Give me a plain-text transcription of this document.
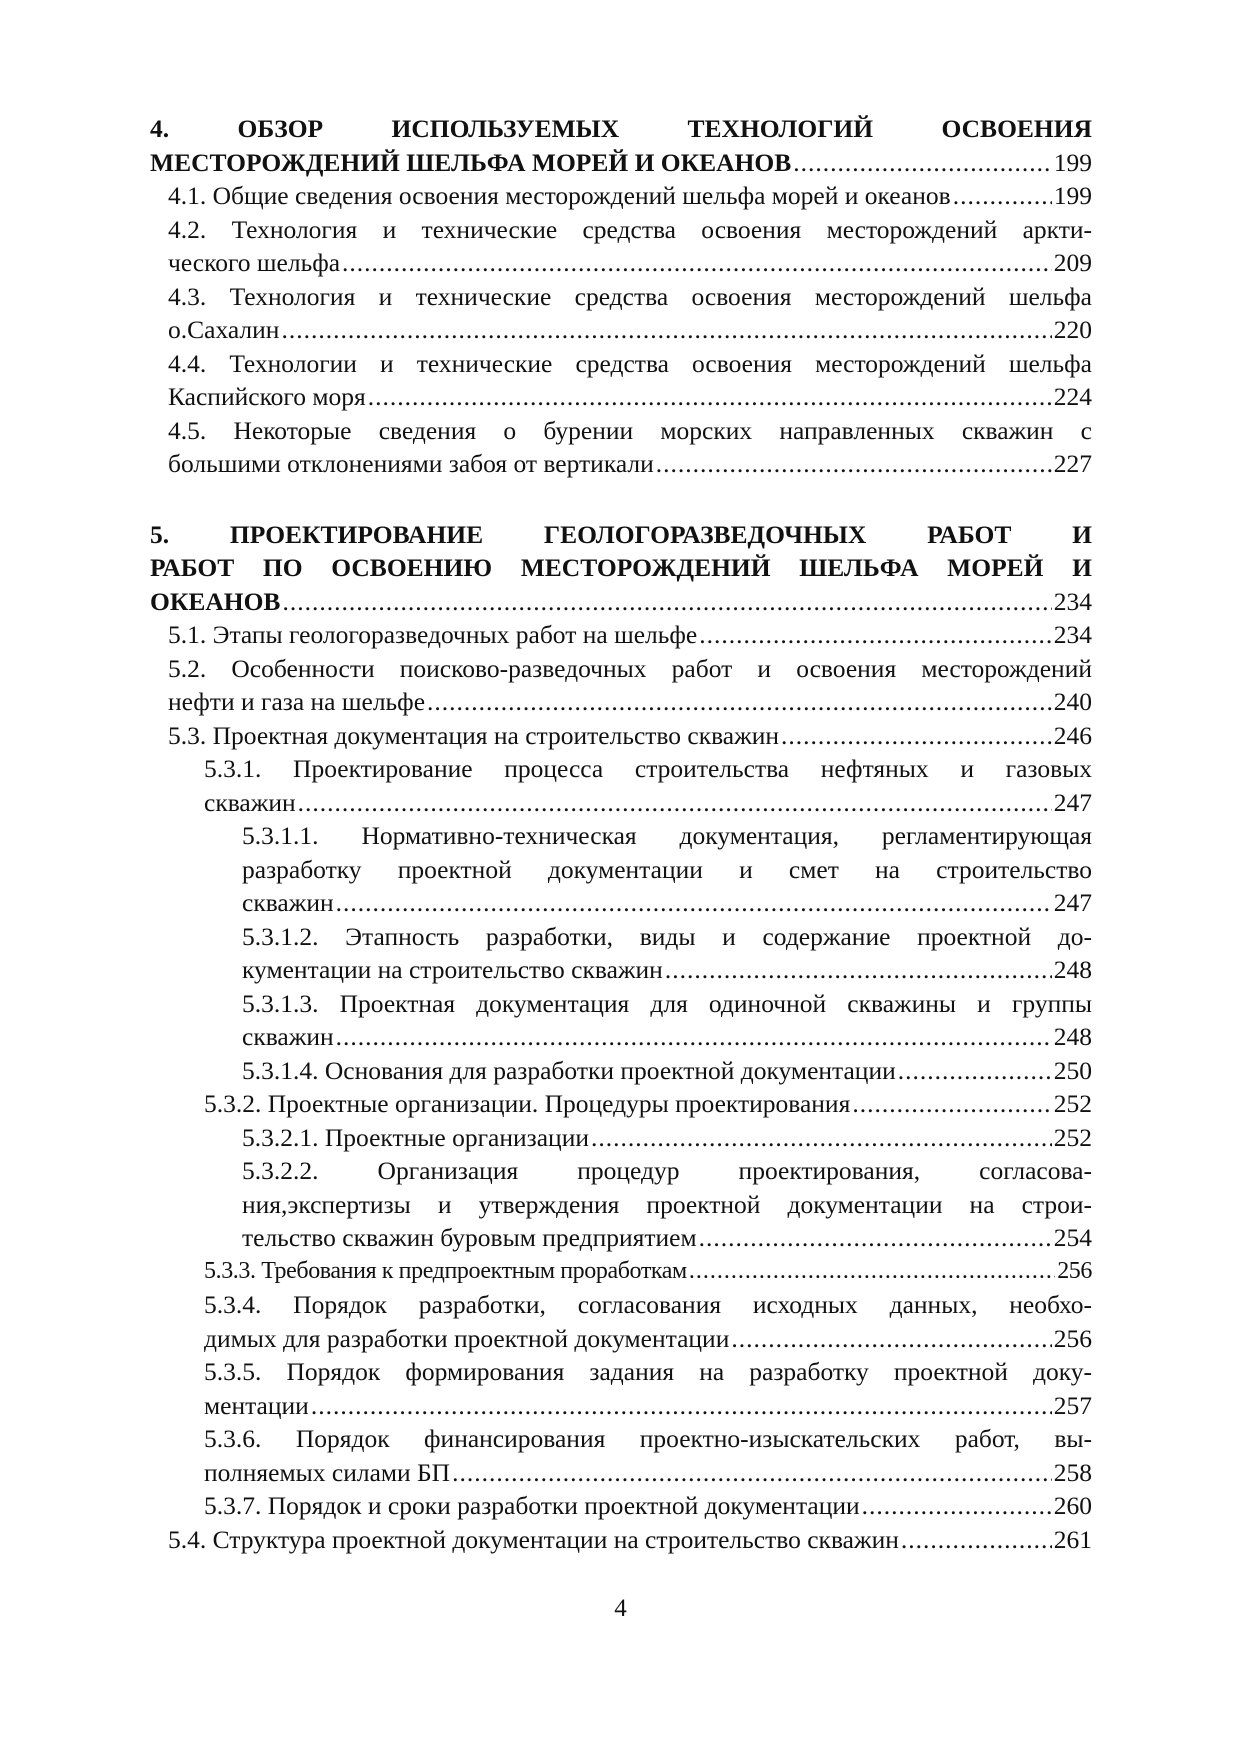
4. ОБЗОР ИСПОЛЬЗУЕМЫХ ТЕХНОЛОГИЙ ОСВОЕНИЯ
МЕСТОРОЖДЕНИЙ ШЕЛЬФА МОРЕЙ И ОКЕАНОВ .....	199
4.1. Общие сведения освоения месторождений шельфа морей и океанов .....	199
4.2. Технология и технические средства освоения месторождений аркти-
ческого шельфа .....	209
4.3. Технология и технические средства освоения месторождений шельфа
о.Сахалин .....	220
4.4. Технологии и технические средства освоения месторождений шельфа
Каспийского моря .....	224
4.5. Некоторые сведения о бурении морских направленных скважин с
большими отклонениями забоя от вертикали .....	227
5. ПРОЕКТИРОВАНИЕ ГЕОЛОГОРАЗВЕДОЧНЫХ РАБОТ И
РАБОТ ПО ОСВОЕНИЮ МЕСТОРОЖДЕНИЙ ШЕЛЬФА МОРЕЙ И
ОКЕАНОВ .....	234
5.1. Этапы геологоразведочных работ на шельфе .....	234
5.2. Особенности поисково-разведочных работ и освоения месторождений
нефти и газа на шельфе .....	240
5.3. Проектная документация на строительство скважин .....	246
5.3.1. Проектирование процесса строительства нефтяных и газовых
скважин .....	247
5.3.1.1. Нормативно-техническая документация, регламентирующая
разработку проектной документации и смет на строительство
скважин .....	247
5.3.1.2. Этапность разработки, виды и содержание проектной до-
кументации на строительство скважин .....	248
5.3.1.3. Проектная документация для одиночной скважины и группы
скважин .....	248
5.3.1.4. Основания для разработки проектной документации .....	250
5.3.2. Проектные организации. Процедуры проектирования .....	252
5.3.2.1. Проектные организации .....	252
5.3.2.2. Организация процедур проектирования, согласова-
ния,экспертизы и утверждения проектной документации на строи-
тельство скважин буровым предприятием .....	254
5.3.3. Требования к предпроектным проработкам .....	256
5.3.4. Порядок разработки, согласования исходных данных, необхо-
димых для разработки проектной документации .....	256
5.3.5. Порядок формирования задания на разработку проектной доку-
ментации .....	257
5.3.6. Порядок финансирования проектно-изыскательских работ, вы-
полняемых силами БП .....	258
5.3.7. Порядок и сроки разработки проектной документации .....	260
5.4. Структура проектной документации на строительство скважин .....	261
4
